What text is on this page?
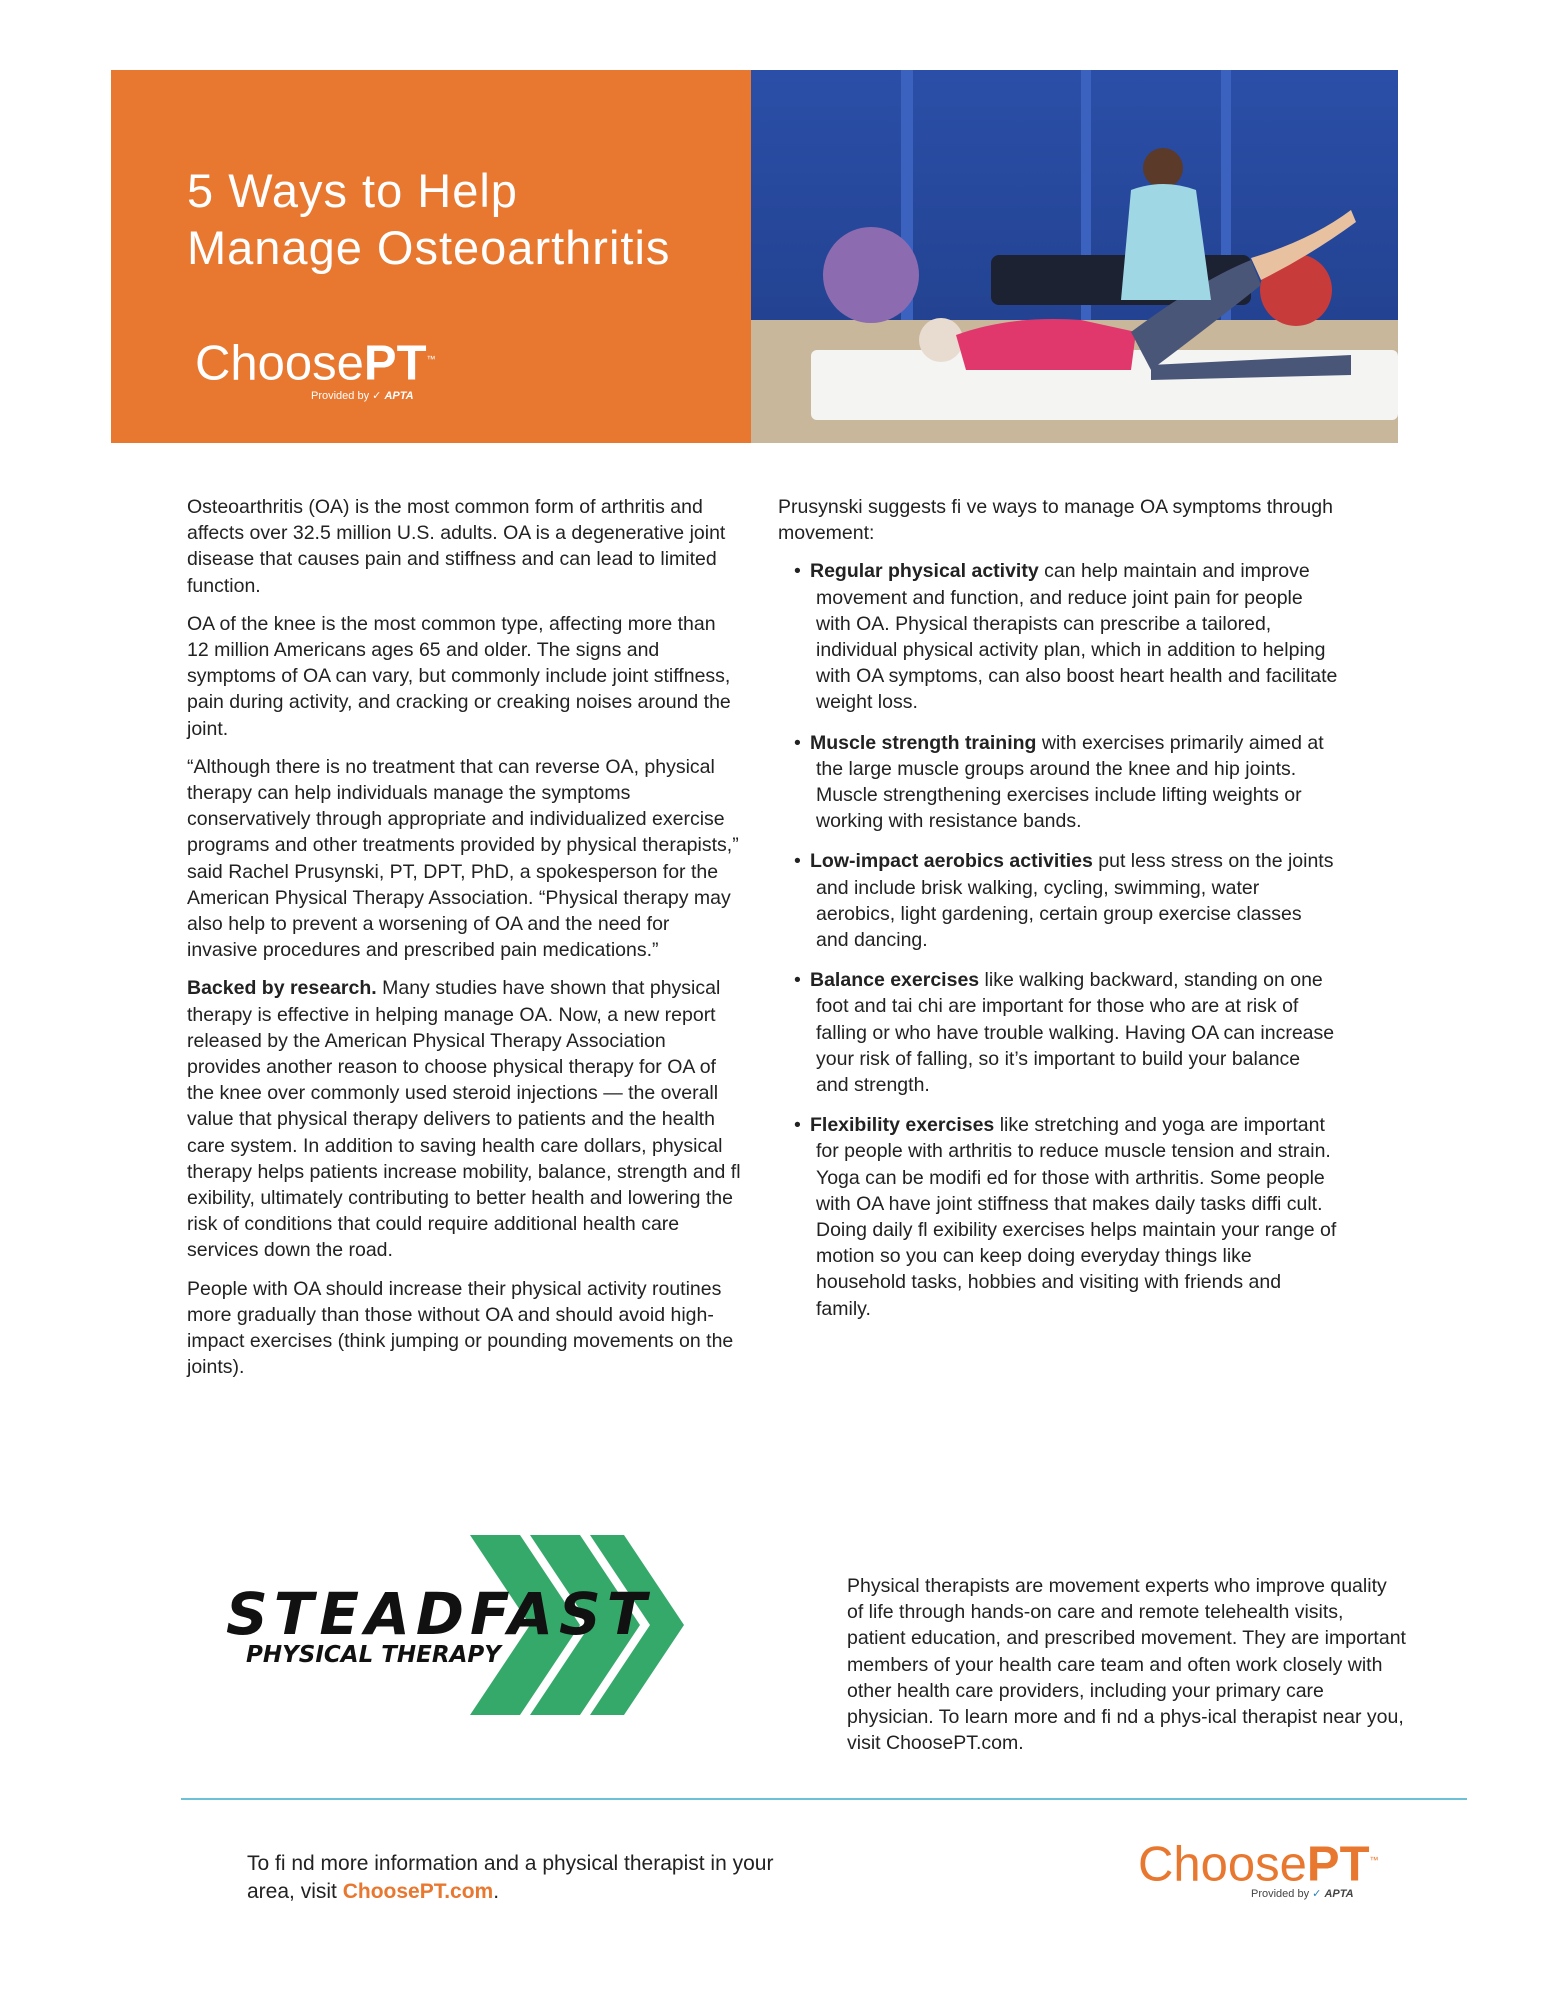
5 Ways to Help
Manage Osteoarthritis
ChoosePT™
Provided by ✓ APTA

Osteoarthritis (OA) is the most common form of arthritis and affects over 32.5 million U.S. adults. OA is a degenerative joint disease that causes pain and stiffness and can lead to limited function.

OA of the knee is the most common type, affecting more than 12 million Americans ages 65 and older. The signs and symptoms of OA can vary, but commonly include joint stiffness, pain during activity, and cracking or creaking noises around the joint.

“Although there is no treatment that can reverse OA, physical therapy can help individuals manage the symptoms conservatively through appropriate and individualized exercise programs and other treatments provided by physical therapists,” said Rachel Prusynski, PT, DPT, PhD, a spokesperson for the American Physical Therapy Association. “Physical therapy may also help to prevent a worsening of OA and the need for invasive procedures and prescribed pain medications.”

Backed by research. Many studies have shown that physical therapy is effective in helping manage OA. Now, a new report released by the American Physical Therapy Association provides another reason to choose physical therapy for OA of the knee over commonly used steroid injections — the overall value that physical therapy delivers to patients and the health care system. In addition to saving health care dollars, physical therapy helps patients increase mobility, balance, strength and fl exibility, ultimately contributing to better health and lowering the risk of conditions that could require additional health care services down the road.

People with OA should increase their physical activity routines more gradually than those without OA and should avoid high-impact exercises (think jumping or pounding movements on the joints).

Prusynski suggests fi ve ways to manage OA symptoms through movement:

• Regular physical activity can help maintain and improve movement and function, and reduce joint pain for people with OA. Physical therapists can prescribe a tailored, individual physical activity plan, which in addition to helping with OA symptoms, can also boost heart health and facilitate weight loss.
• Muscle strength training with exercises primarily aimed at the large muscle groups around the knee and hip joints. Muscle strengthening exercises include lifting weights or working with resistance bands.
• Low-impact aerobics activities put less stress on the joints and include brisk walking, cycling, swimming, water aerobics, light gardening, certain group exercise classes and dancing.
• Balance exercises like walking backward, standing on one foot and tai chi are important for those who are at risk of falling or who have trouble walking. Having OA can increase your risk of falling, so it’s important to build your balance and strength.
• Flexibility exercises like stretching and yoga are important for people with arthritis to reduce muscle tension and strain. Yoga can be modifi ed for those with arthritis. Some people with OA have joint stiffness that makes daily tasks diffi cult. Doing daily fl exibility exercises helps maintain your range of motion so you can keep doing everyday things like household tasks, hobbies and visiting with friends and family.
STEADFAST
PHYSICAL THERAPY
Physical therapists are movement experts who improve quality of life through hands-on care and remote telehealth visits, patient education, and prescribed movement. They are important members of your health care team and often work closely with other health care providers, including your primary care physician. To learn more and fi nd a phys-ical therapist near you, visit ChoosePT.com.
To fi nd more information and a physical therapist in your area, visit ChoosePT.com.
ChoosePT™
Provided by ✓ APTA
